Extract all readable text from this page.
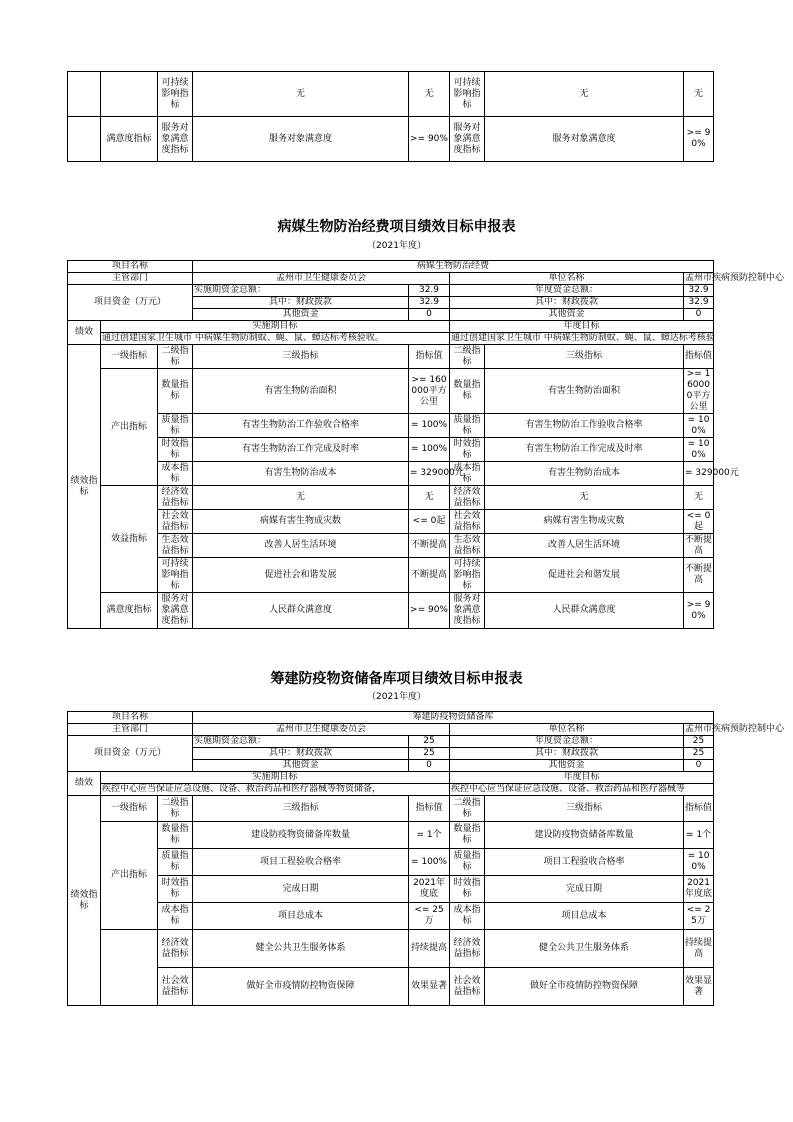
		可持续影响指标	无	无	可持续影响指标	无	无
	满意度指标	服务对象满意度指标	服务对象满意度	>= 90%	服务对象满意度指标	服务对象满意度	>= 90%
病媒生物防治经费项目绩效目标申报表
（2021年度）
项目名称			病媒生物防治经费				
主管部门			孟州市卫生健康委员会		单位名称		孟州市疾病预防控制中心
项目资金（万元）			实施期资金总额：	32.9	年度资金总额：		32.9
			其中：财政拨款	32.9	其中：财政拨款		32.9
			其他资金	0	其他资金		0
绩效	实施期目标				年度目标		
	通过创建国家卫生城市 中病媒生物防制蚊、蝇、鼠、蟑达标考核验收。				通过创建国家卫生城市 中病媒生物防制蚊、蝇、鼠、蟑达标考核验		
绩效指标	一级指标	二级指标	三级指标	指标值	二级指标	三级指标	指标值
	产出指标	数量指标	有害生物防治面积	>= 160000平方公里	数量指标	有害生物防治面积	>= 160000平方公里
		质量指标	有害生物防治工作验收合格率	= 100%	质量指标	有害生物防治工作验收合格率	= 100%
		时效指标	有害生物防治工作完成及时率	= 100%	时效指标	有害生物防治工作完成及时率	= 100%
		成本指标	有害生物防治成本	= 329000元	成本指标	有害生物防治成本	= 329000元
	效益指标	经济效益指标	无	无	经济效益指标	无	无
		社会效益指标	病媒有害生物成灾数	<= 0起	社会效益指标	病媒有害生物成灾数	<= 0起
		生态效益指标	改善人居生活环境	不断提高	生态效益指标	改善人居生活环境	不断提高
		可持续影响指标	促进社会和谐发展	不断提高	可持续影响指标	促进社会和谐发展	不断提高
	满意度指标	服务对象满意度指标	人民群众满意度	>= 90%	服务对象满意度指标	人民群众满意度	>= 90%
筹建防疫物资储备库项目绩效目标申报表
（2021年度）
项目名称			筹建防疫物资储备库				
主管部门			孟州市卫生健康委员会		单位名称		孟州市疾病预防控制中心
项目资金（万元）			实施期资金总额：	25	年度资金总额：		25
			其中：财政拨款	25	其中：财政拨款		25
			其他资金	0	其他资金		0
绩效	实施期目标				年度目标		
	疾控中心应当保证应急设施、设备、救治药品和医疗器械等物资储备，				疾控中心应当保证应急设施、设备、救治药品和医疗器械等		
绩效指标	一级指标	二级指标	三级指标	指标值	二级指标	三级指标	指标值
	产出指标	数量指标	建设防疫物资储备库数量	= 1个	数量指标	建设防疫物资储备库数量	= 1个
		质量指标	项目工程验收合格率	= 100%	质量指标	项目工程验收合格率	= 100%
		时效指标	完成日期	2021年度底	时效指标	完成日期	2021年度底
		成本指标	项目总成本	<= 25万	成本指标	项目总成本	<= 25万
		经济效益指标	健全公共卫生服务体系	持续提高	经济效益指标	健全公共卫生服务体系	持续提高
		社会效益指标	做好全市疫情防控物资保障	效果显著	社会效益指标	做好全市疫情防控物资保障	效果显著
